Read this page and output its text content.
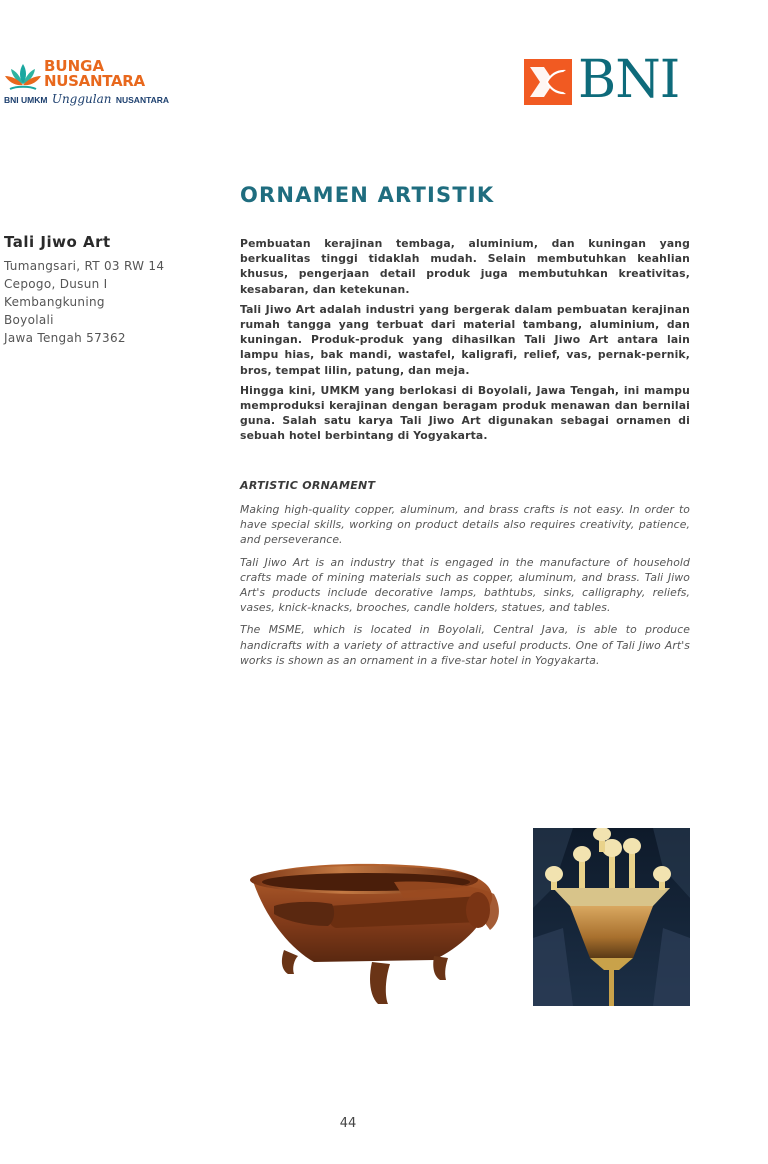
BUNGA
NUSANTARA
BNI UMKM Unggulan NUSANTARA	BNI
ORNAMEN ARTISTIK
Tali Jiwo Art
Tumangsari, RT 03 RW 14
Cepogo, Dusun I
Kembangkuning
Boyolali
Jawa Tengah 57362

Pembuatan kerajinan tembaga, aluminium, dan kuningan yang berkualitas tinggi tidaklah mudah. Selain membutuhkan keahlian khusus, pengerjaan detail produk juga membutuhkan kreativitas, kesabaran, dan ketekunan.

Tali Jiwo Art adalah industri yang bergerak dalam pembuatan kerajinan rumah tangga yang terbuat dari material tambang, aluminium, dan kuningan. Produk-produk yang dihasilkan Tali Jiwo Art antara lain lampu hias, bak mandi, wastafel, kaligrafi, relief, vas, pernak-pernik, bros, tempat lilin, patung, dan meja.

Hingga kini, UMKM yang berlokasi di Boyolali, Jawa Tengah, ini mampu memproduksi kerajinan dengan beragam produk menawan dan bernilai guna. Salah satu karya Tali Jiwo Art digunakan sebagai ornamen di sebuah hotel berbintang di Yogyakarta.

ARTISTIC ORNAMENT

Making high-quality copper, aluminum, and brass crafts is not easy. In order to have special skills, working on product details also requires creativity, patience, and perseverance.

Tali Jiwo Art is an industry that is engaged in the manufacture of household crafts made of mining materials such as copper, aluminum, and brass. Tali Jiwo Art's products include decorative lamps, bathtubs, sinks, calligraphy, reliefs, vases, knick-knacks, brooches, candle holders, statues, and tables.

The MSME, which is located in Boyolali, Central Java, is able to produce handicrafts with a variety of attractive and useful products. One of Tali Jiwo Art's works is shown as an ornament in a five-star hotel in Yogyakarta.

44
